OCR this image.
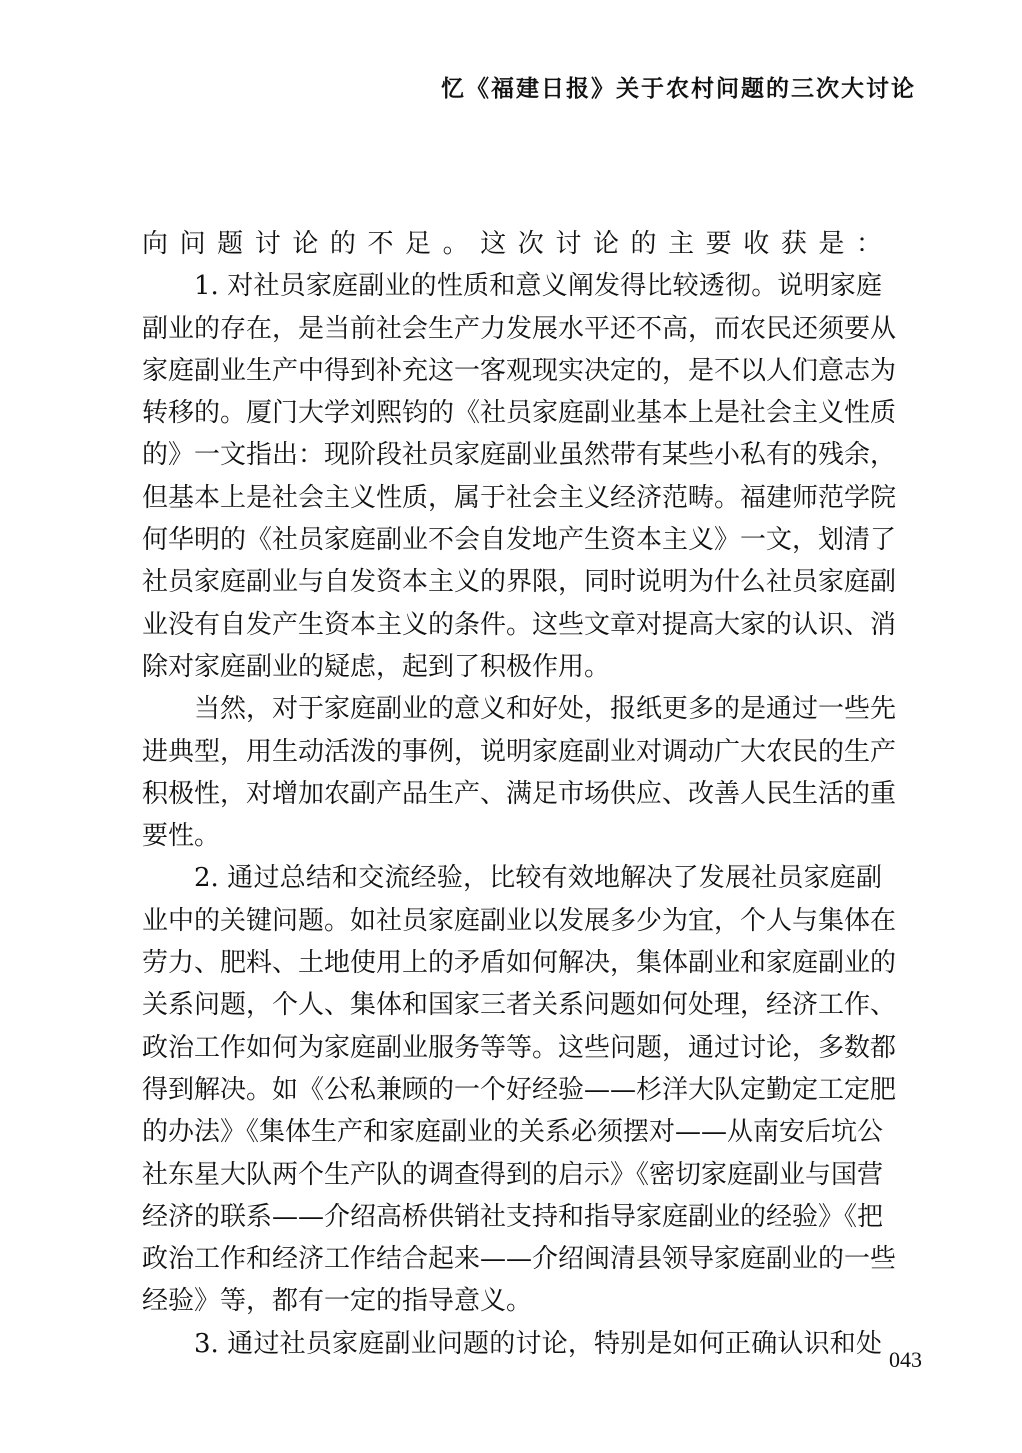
忆《福建日报》关于农村问题的三次大讨论
向问题讨论的不足。这次讨论的主要收获是：
1. 对社员家庭副业的性质和意义阐发得比较透彻。说明家庭
副业的存在，是当前社会生产力发展水平还不高，而农民还须要从
家庭副业生产中得到补充这一客观现实决定的，是不以人们意志为
转移的。厦门大学刘熙钧的《社员家庭副业基本上是社会主义性质
的》一文指出：现阶段社员家庭副业虽然带有某些小私有的残余，
但基本上是社会主义性质，属于社会主义经济范畴。福建师范学院
何华明的《社员家庭副业不会自发地产生资本主义》一文，划清了
社员家庭副业与自发资本主义的界限，同时说明为什么社员家庭副
业没有自发产生资本主义的条件。这些文章对提高大家的认识、消
除对家庭副业的疑虑，起到了积极作用。
当然，对于家庭副业的意义和好处，报纸更多的是通过一些先
进典型，用生动活泼的事例，说明家庭副业对调动广大农民的生产
积极性，对增加农副产品生产、满足市场供应、改善人民生活的重
要性。
2. 通过总结和交流经验，比较有效地解决了发展社员家庭副
业中的关键问题。如社员家庭副业以发展多少为宜，个人与集体在
劳力、肥料、土地使用上的矛盾如何解决，集体副业和家庭副业的
关系问题，个人、集体和国家三者关系问题如何处理，经济工作、
政治工作如何为家庭副业服务等等。这些问题，通过讨论，多数都
得到解决。如《公私兼顾的一个好经验——杉洋大队定勤定工定肥
的办法》《集体生产和家庭副业的关系必须摆对——从南安后坑公
社东星大队两个生产队的调查得到的启示》《密切家庭副业与国营
经济的联系——介绍高桥供销社支持和指导家庭副业的经验》《把
政治工作和经济工作结合起来——介绍闽清县领导家庭副业的一些
经验》等，都有一定的指导意义。
3. 通过社员家庭副业问题的讨论，特别是如何正确认识和处
043
